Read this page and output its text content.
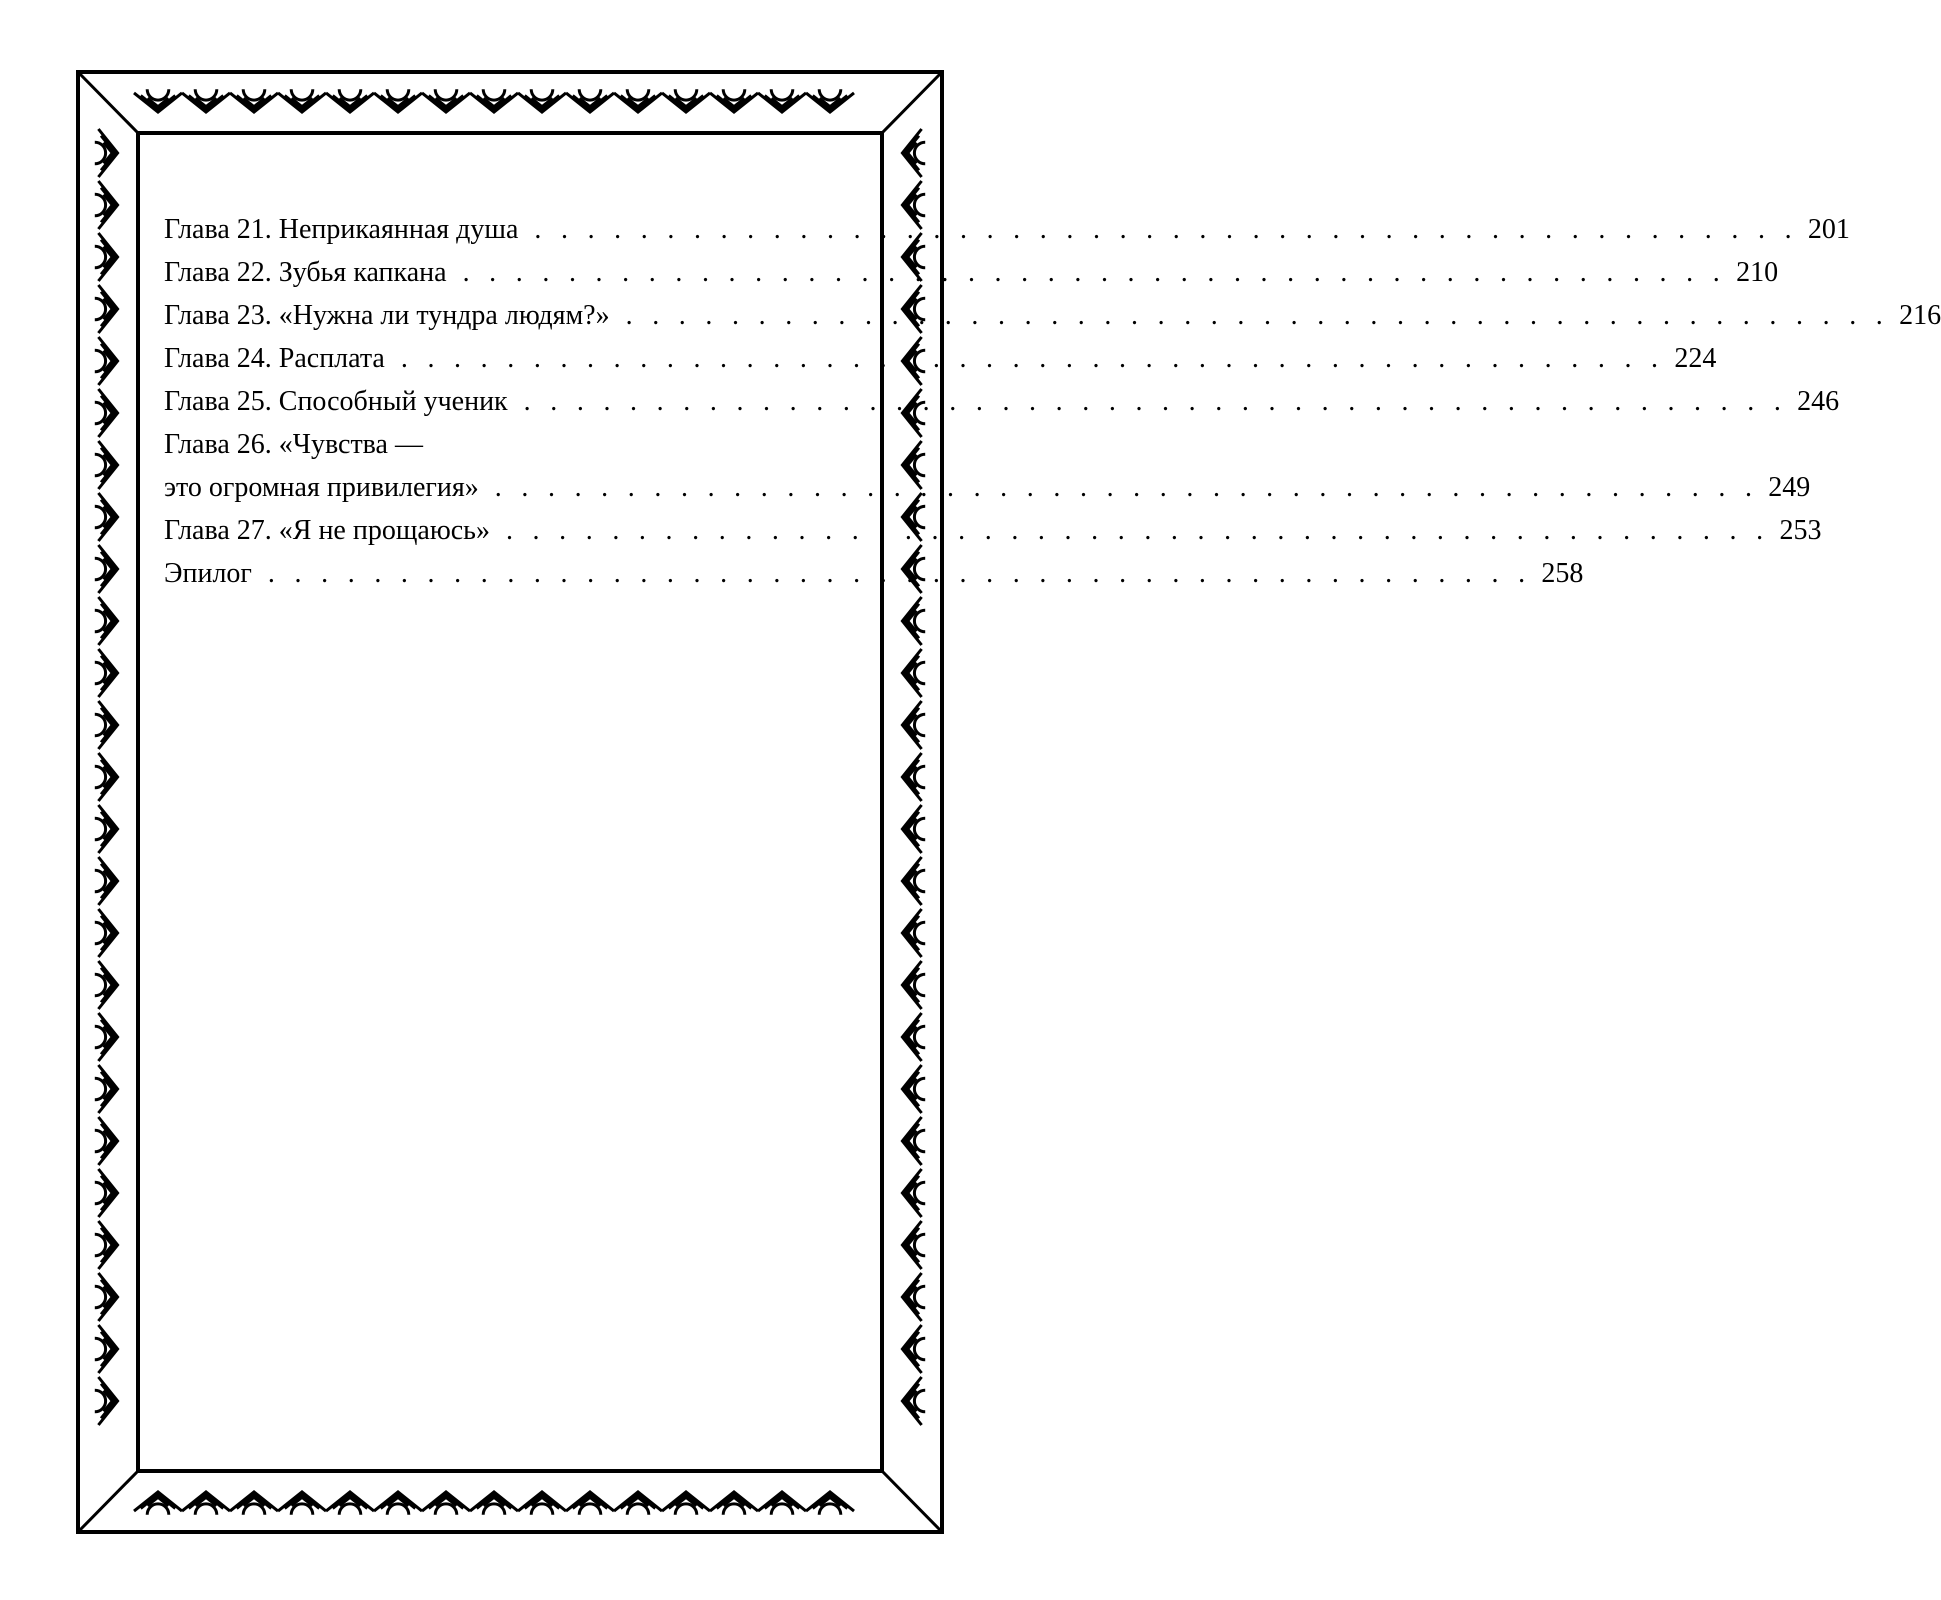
Глава 21. Неприкаянная душа . . . . . . . . . . . . . . . . . . . . . . . . . . . . . . . . . . . . . . . . . . . . . . . . 201
Глава 22. Зубья капкана . . . . . . . . . . . . . . . . . . . . . . . . . . . . . . . . . . . . . . . . . . . . . . . . 210
Глава 23. «Нужна ли тундра людям?» . . . . . . . . . . . . . . . . . . . . . . . . . . . . . . . . . . . . . . . . . . . . . . . . 216
Глава 24. Расплата . . . . . . . . . . . . . . . . . . . . . . . . . . . . . . . . . . . . . . . . . . . . . . . . 224
Глава 25. Способный ученик . . . . . . . . . . . . . . . . . . . . . . . . . . . . . . . . . . . . . . . . . . . . . . . . 246
Глава 26. «Чувства —
это огромная привилегия» . . . . . . . . . . . . . . . . . . . . . . . . . . . . . . . . . . . . . . . . . . . . . . . . 249
Глава 27. «Я не прощаюсь» . . . . . . . . . . . . . . . . . . . . . . . . . . . . . . . . . . . . . . . . . . . . . . . . 253
Эпилог . . . . . . . . . . . . . . . . . . . . . . . . . . . . . . . . . . . . . . . . . . . . . . . . 258
